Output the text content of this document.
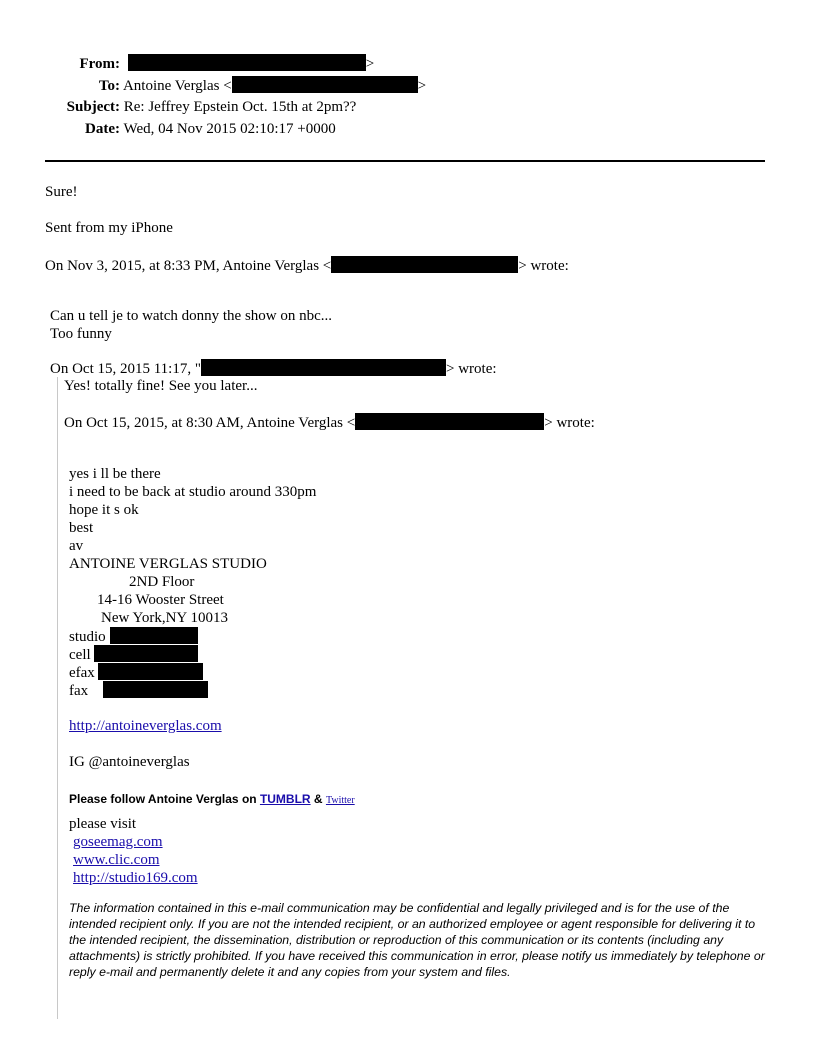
From:	>
To: Antoine Verglas <	>
Subject: Re: Jeffrey Epstein Oct. 15th at 2pm??
Date: Wed, 04 Nov 2015 02:10:17 +0000
Sure!
Sent from my iPhone
On Nov 3, 2015, at 8:33 PM, Antoine Verglas <	> wrote:
Can u tell je to watch donny the show on nbc...
Too funny
On Oct 15, 2015 11:17, "	> wrote:
Yes! totally fine! See you later...
On Oct 15, 2015, at 8:30 AM, Antoine Verglas <	> wrote:
yes i ll be there
i need to be back at studio around 330pm
hope it s ok
best
av
ANTOINE VERGLAS STUDIO
2ND Floor
14-16 Wooster Street
New York,NY 10013
studio
cell
efax
fax
http://antoineverglas.com
IG @antoineverglas
Please follow Antoine Verglas on TUMBLR & Twitter
please visit
goseemag.com
www.clic.com
http://studio169.com
The information contained in this e-mail communication may be confidential and legally privileged and is for the use of the intended recipient only. If you are not the intended recipient, or an authorized employee or agent responsible for delivering it to the intended recipient, the dissemination, distribution or reproduction of this communication or its contents (including any attachments) is strictly prohibited. If you have received this communication in error, please notify us immediately by telephone or reply e-mail and permanently delete it and any copies from your system and files.
